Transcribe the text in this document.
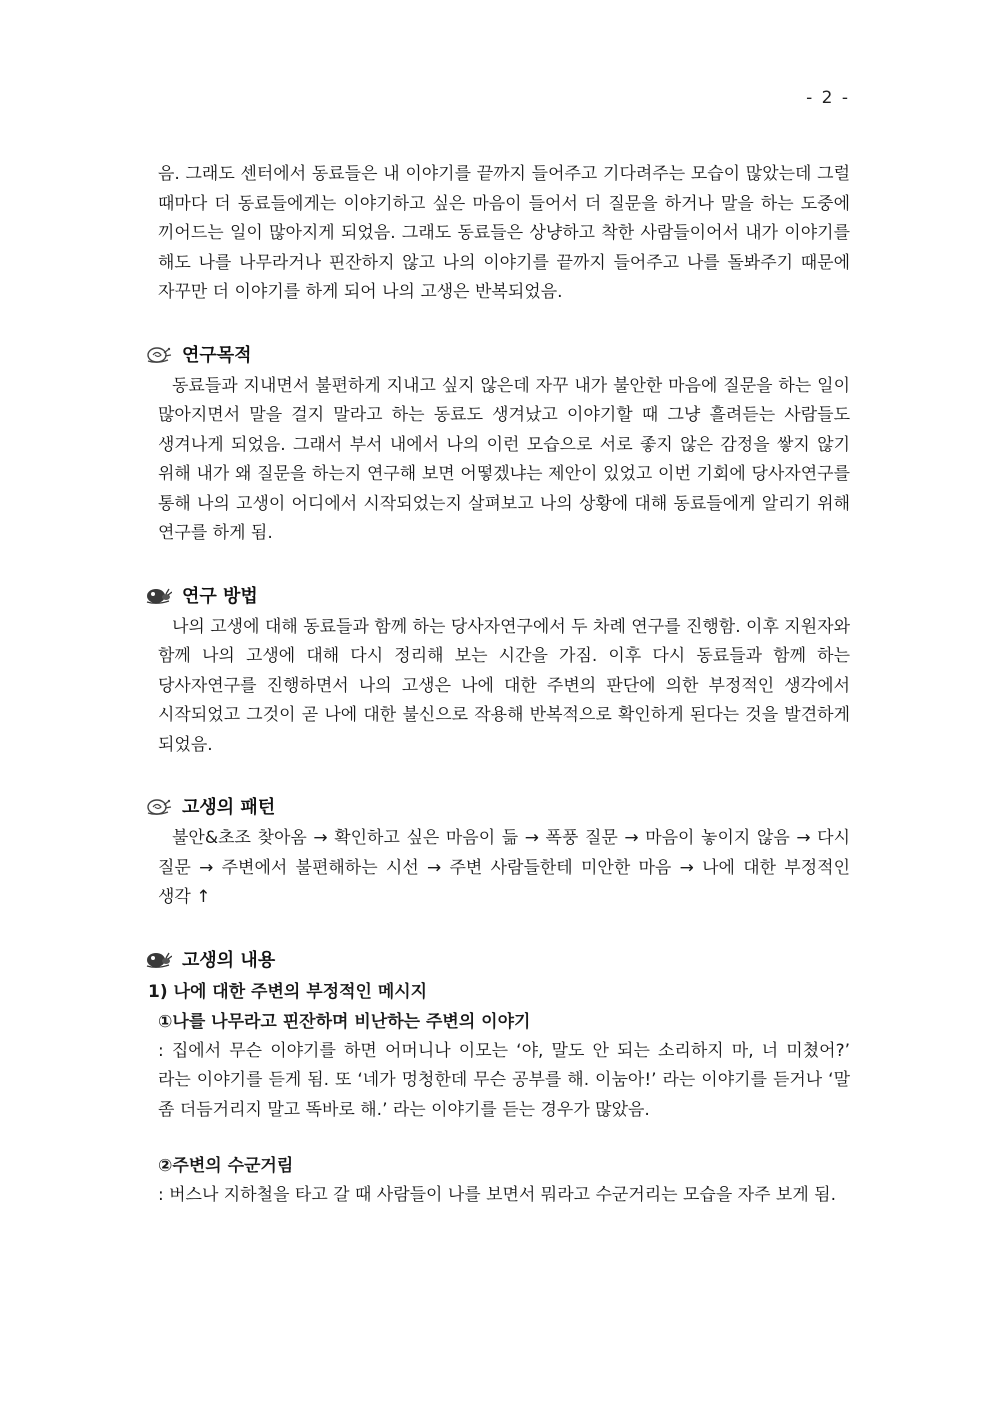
- 2 -

음. 그래도 센터에서 동료들은 내 이야기를 끝까지 들어주고 기다려주는 모습이 많았는데 그럴 때마다 더 동료들에게는 이야기하고 싶은 마음이 들어서 더 질문을 하거나 말을 하는 도중에 끼어드는 일이 많아지게 되었음. 그래도 동료들은 상냥하고 착한 사람들이어서 내가 이야기를 해도 나를 나무라거나 핀잔하지 않고 나의 이야기를 끝까지 들어주고 나를 돌봐주기 때문에 자꾸만 더 이야기를 하게 되어 나의 고생은 반복되었음.

연구목적

동료들과 지내면서 불편하게 지내고 싶지 않은데 자꾸 내가 불안한 마음에 질문을 하는 일이 많아지면서 말을 걸지 말라고 하는 동료도 생겨났고 이야기할 때 그냥 흘려듣는 사람들도 생겨나게 되었음. 그래서 부서 내에서 나의 이런 모습으로 서로 좋지 않은 감정을 쌓지 않기 위해 내가 왜 질문을 하는지 연구해 보면 어떻겠냐는 제안이 있었고 이번 기회에 당사자연구를 통해 나의 고생이 어디에서 시작되었는지 살펴보고 나의 상황에 대해 동료들에게 알리기 위해 연구를 하게 됨.

연구 방법

나의 고생에 대해 동료들과 함께 하는 당사자연구에서 두 차례 연구를 진행함. 이후 지원자와 함께 나의 고생에 대해 다시 정리해 보는 시간을 가짐. 이후 다시 동료들과 함께 하는 당사자연구를 진행하면서 나의 고생은 나에 대한 주변의 판단에 의한 부정적인 생각에서 시작되었고 그것이 곧 나에 대한 불신으로 작용해 반복적으로 확인하게 된다는 것을 발견하게 되었음.

고생의 패턴

불안&초조 찾아옴 → 확인하고 싶은 마음이 듦 → 폭풍 질문 → 마음이 놓이지 않음 → 다시 질문 → 주변에서 불편해하는 시선 → 주변 사람들한테 미안한 마음 → 나에 대한 부정적인 생각 ↑

고생의 내용

1) 나에 대한 주변의 부정적인 메시지

①나를 나무라고 핀잔하며 비난하는 주변의 이야기

: 집에서 무슨 이야기를 하면 어머니나 이모는 ‘야, 말도 안 되는 소리하지 마, 너 미쳤어?’ 라는 이야기를 듣게 됨. 또 ‘네가 멍청한데 무슨 공부를 해. 이눔아!’ 라는 이야기를 듣거나 ‘말 좀 더듬거리지 말고 똑바로 해.’ 라는 이야기를 듣는 경우가 많았음.

②주변의 수군거림

: 버스나 지하철을 타고 갈 때 사람들이 나를 보면서 뭐라고 수군거리는 모습을 자주 보게 됨.
